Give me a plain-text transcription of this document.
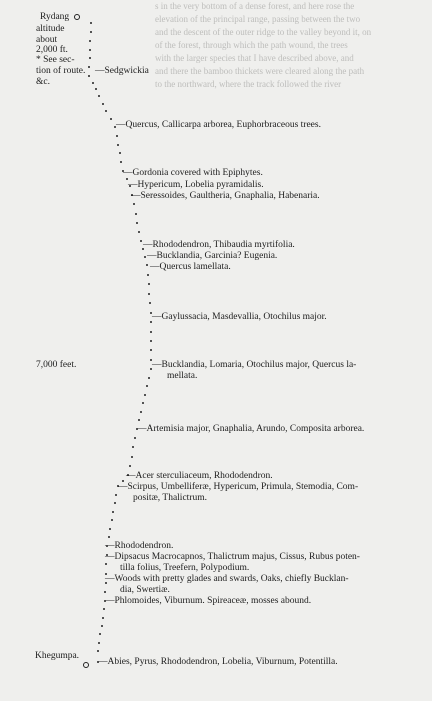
s in the very bottom of a dense forest, and here rose the
elevation of the principal range, passing between the two
and the descent of the outer ridge to the valley beyond it, on
of the forest, through which the path wound, the trees
with the larger species that I have described above, and
and there the bamboo thickets were cleared along the path
to the northward, where the track followed the river
Rydang
altitude
about
2,000 ft.
* See sec-
tion of route.
&c.
7,000 feet.
Khegumpa.
—Sedgwickia
—Quercus, Callicarpa arborea, Euphorbraceous trees.
—Gordonia covered with Epiphytes.
—Hypericum, Lobelia pyramidalis.
—Seressoides, Gaultheria, Gnaphalia, Habenaria.
—Rhododendron, Thibaudia myrtifolia.
—Bucklandia, Garcinia? Eugenia.
—Quercus lamellata.
—Gaylussacia, Masdevallia, Otochilus major.
—Bucklandia, Lomaria, Otochilus major, Quercus la-
mellata.
—Artemisia major, Gnaphalia, Arundo, Composita arborea.
—Acer sterculiaceum, Rhododendron.
—Scirpus, Umbelliferæ, Hypericum, Primula, Stemodia, Com-
positæ, Thalictrum.
—Rhododendron.
—Dipsacus Macrocapnos, Thalictrum majus, Cissus, Rubus poten-
tilla folius, Treefern, Polypodium.
—Woods with pretty glades and swards, Oaks, chiefly Bucklan-
dia, Swertiæ.
—Phlomoides, Viburnum. Spireaceæ, mosses abound.
—Abies, Pyrus, Rhododendron, Lobelia, Viburnum, Potentilla.
